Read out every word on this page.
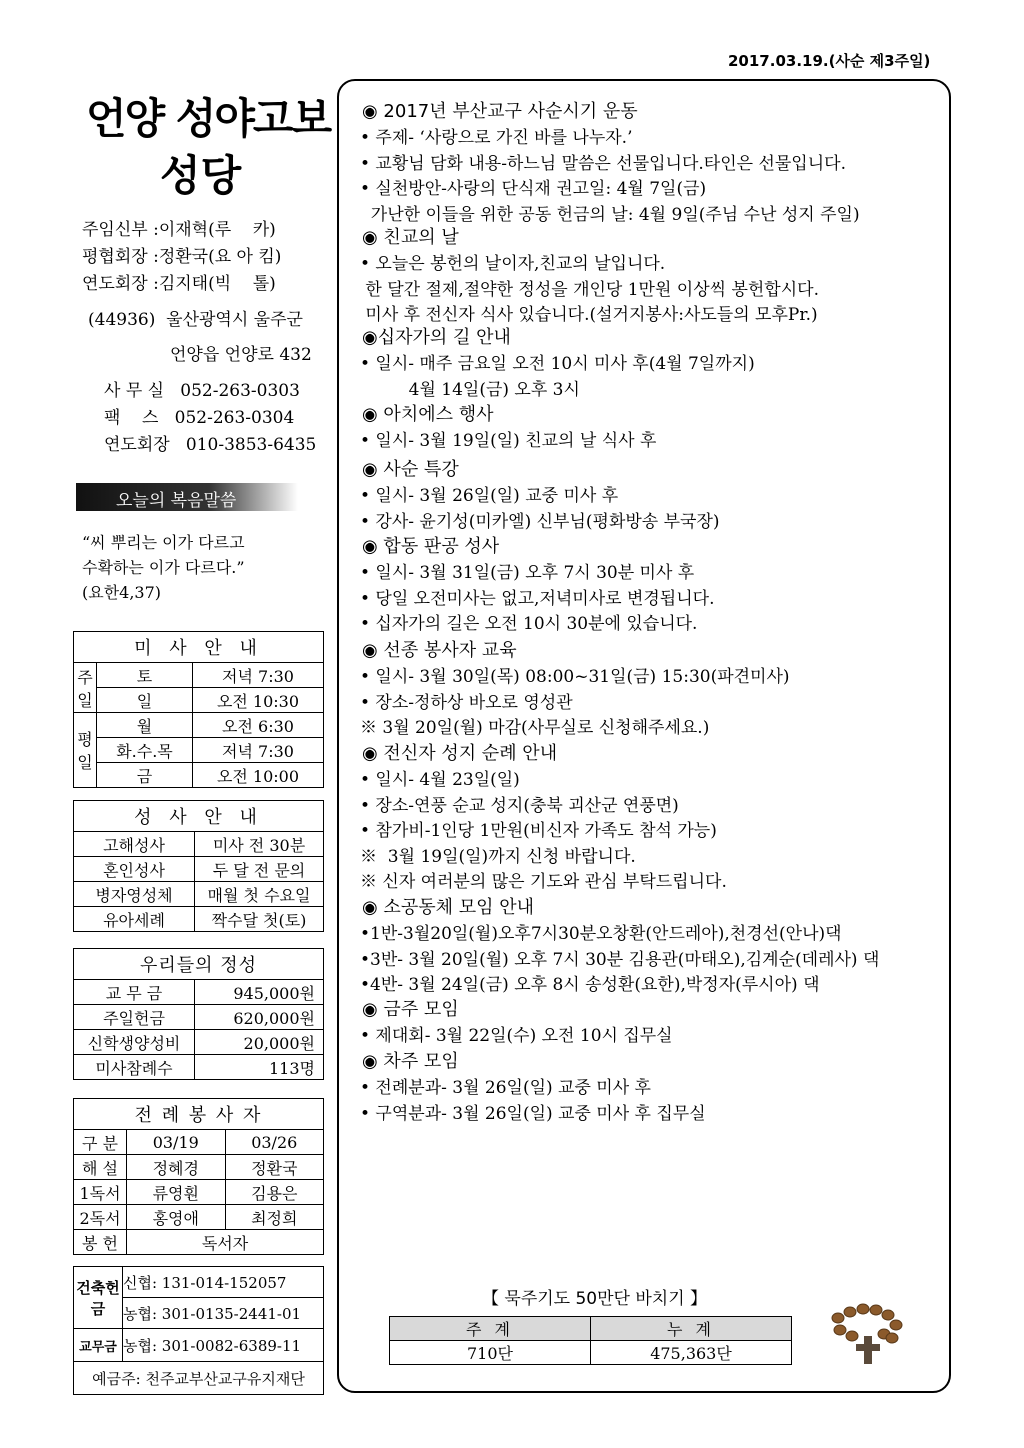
2017.03.19.(사순 제3주일)
언양 성야고보
성당
주임신부 :이재혁(루    카)
평협회장 :정환국(요 아 킴)
연도회장 :김지태(빅    톨)
(44936)  울산광역시 울주군
언양읍 언양로 432
사 무 실   052-263-0303
팩    스   052-263-0304
연도회장   010-3853-6435
오늘의 복음말씀
“씨 뿌리는 이가 다르고
수확하는 이가 다르다.”
(요한4,37)
미 사 안 내		
주일	토	저녁 7:30
	일	오전 10:30
평일	월	오전 6:30
	화.수.목	저녁 7:30
	금	오전 10:00
성 사 안 내	
고해성사	미사 전 30분
혼인성사	두 달 전 문의
병자영성체	매월 첫 수요일
유아세례	짝수달 첫(토)
우리들의 정성	
교 무 금	945,000원
주일헌금	620,000원
신학생양성비	20,000원
미사참례수	113명
전 례 봉 사 자		
구 분	03/19	03/26
해 설	정혜경	정환국
1독서	류영훤	김용은
2독서	홍영애	최정희
봉 헌	독서자	
건축헌금	신협: 131-014-152057
	농협: 301-0135-2441-01
교무금	농협: 301-0082-6389-11
예금주: 천주교부산교구유지재단	
◉ 2017년 부산교구 사순시기 운동
• 주제- ‘사랑으로 가진 바를 나누자.’
• 교황님 담화 내용-하느님 말씀은 선물입니다.타인은 선물입니다.
• 실천방안-사랑의 단식재 권고일: 4월 7일(금)
가난한 이들을 위한 공동 헌금의 날: 4월 9일(주님 수난 성지 주일)
◉ 친교의 날
• 오늘은 봉헌의 날이자,친교의 날입니다.
한 달간 절제,절약한 정성을 개인당 1만원 이상씩 봉헌합시다.
미사 후 전신자 식사 있습니다.(설거지봉사:사도들의 모후Pr.)
◉십자가의 길 안내
• 일시- 매주 금요일 오전 10시 미사 후(4월 7일까지)
4월 14일(금) 오후 3시
◉ 아치에스 행사
• 일시- 3월 19일(일) 친교의 날 식사 후
◉ 사순 특강
• 일시- 3월 26일(일) 교중 미사 후
• 강사- 윤기성(미카엘) 신부님(평화방송 부국장)
◉ 합동 판공 성사
• 일시- 3월 31일(금) 오후 7시 30분 미사 후
• 당일 오전미사는 없고,저녁미사로 변경됩니다.
• 십자가의 길은 오전 10시 30분에 있습니다.
◉ 선종 봉사자 교육
• 일시- 3월 30일(목) 08:00~31일(금) 15:30(파견미사)
• 장소-정하상 바오로 영성관
※ 3월 20일(월) 마감(사무실로 신청해주세요.)
◉ 전신자 성지 순례 안내
• 일시- 4월 23일(일)
• 장소-연풍 순교 성지(충북 괴산군 연풍면)
• 참가비-1인당 1만원(비신자 가족도 참석 가능)
※  3월 19일(일)까지 신청 바랍니다.
※ 신자 여러분의 많은 기도와 관심 부탁드립니다.
◉ 소공동체 모임 안내
•1반-3월20일(월)오후7시30분오창환(안드레아),천경선(안나)댁
•3반- 3월 20일(월) 오후 7시 30분 김용관(마태오),김계순(데레사) 댁
•4반- 3월 24일(금) 오후 8시 송성환(요한),박정자(루시아) 댁
◉ 금주 모임
• 제대회- 3월 22일(수) 오전 10시 집무실
◉ 차주 모임
• 전례분과- 3월 26일(일) 교중 미사 후
• 구역분과- 3월 26일(일) 교중 미사 후 집무실
【 묵주기도 50만단 바치기 】
주 계	누 계
710단	475,363단
